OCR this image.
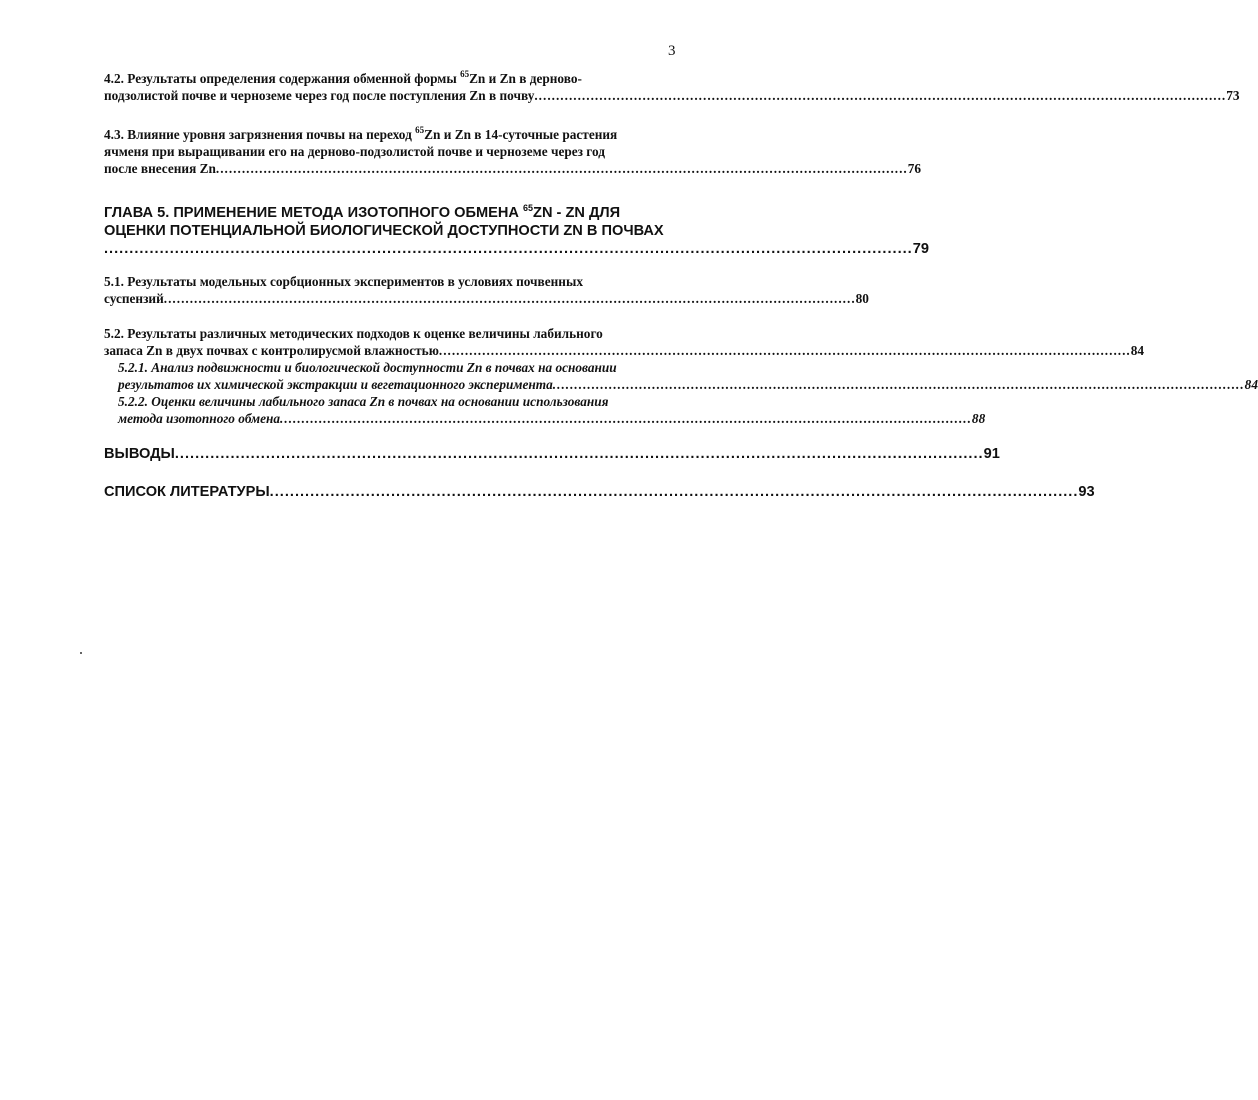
3
4.2. Результаты определения содержания обменной формы $^{65}$Zn и Zn в дерново-
подзолистой почве и черноземе через год после поступления Zn в почву ................................................................................................................................................................ 73
4.3. Влияние уровня загрязнения почвы на переход $^{65}$Zn и Zn в 14-суточные растения
ячменя при выращивании его на дерново-подзолистой почве и черноземе через год
после внесения Zn ................................................................................................................................................................ 76
ГЛАВА 5. ПРИМЕНЕНИЕ МЕТОДА ИЗОТОПНОГО ОБМЕНА $^{65}$ZN - ZN ДЛЯ
ОЦЕНКИ ПОТЕНЦИАЛЬНОЙ БИОЛОГИЧЕСКОЙ ДОСТУПНОСТИ ZN В ПОЧВАХ
................................................................................................................................................................ 79
5.1. Результаты модельных сорбционных экспериментов в условиях почвенных
суспензий ................................................................................................................................................................ 80
5.2. Результаты различных методических подходов к оценке величины лабильного
запаса Zn в двух почвах с контролирусмой влажностью ................................................................................................................................................................ 84
5.2.1. Анализ подвижности и биологической доступности Zn в почвах на основании
результатов их химической экстракции и вегетационного эксперимента ................................................................................................................................................................ 84
5.2.2. Оценки величины лабильного запаса Zn в почвах на основании использования
метода изотопного обмена ................................................................................................................................................................ 88
ВЫВОДЫ ................................................................................................................................................................ 91
СПИСОК ЛИТЕРАТУРЫ ................................................................................................................................................................ 93
